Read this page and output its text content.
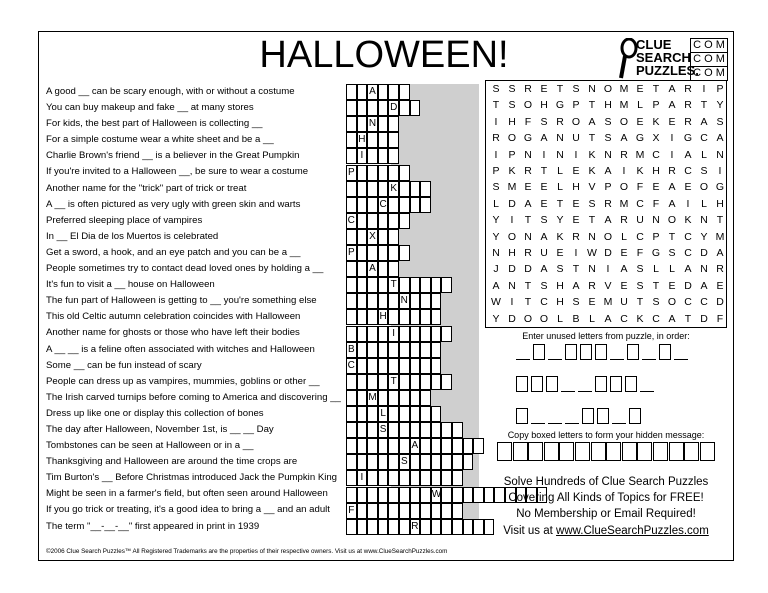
HALLOWEEN!	CLUE
SEARCH
PUZZLES.
C O M
C O M
C O M
A good __ can be scary enough, with or without a costume
You can buy makeup and fake __ at many stores
For kids, the best part of Halloween is collecting __
For a simple costume wear a white sheet and be a __
Charlie Brown's friend __ is a believer in the Great Pumpkin
If you're invited to a Halloween __, be sure to wear a costume
Another name for the "trick" part of trick or treat
A __ is often pictured as very ugly with green skin and warts
Preferred sleeping place of vampires
In __ El Dia de los Muertos is celebrated
Get a sword, a hook, and an eye patch and you can be a __
People sometimes try to contact dead loved ones by holding a __
It's fun to visit a __ house on Halloween
The fun part of Halloween is getting to __ you're something else
This old Celtic autumn celebration coincides with Halloween
Another name for ghosts or those who have left their bodies
A __ __ is a feline often associated with witches and Halloween
Some __ can be fun instead of scary
People can dress up as vampires, mummies, goblins or other __
The Irish carved turnips before coming to America and discovering __
Dress up like one or display this collection of bones
The day after Halloween, November 1st, is __ __ Day
Tombstones can be seen at Halloween or in a __
Thanksgiving and Halloween are around the time crops are
Tim Burton's __ Before Christmas introduced Jack the Pumpkin King
Might be seen in a farmer's field, but often seen around Halloween
If you go trick or treating, it's a good idea to bring a __ and an adult
The term "__-__-__" first appeared in print in 1939
A
D
N
H
I
P
K
C
C
X
P
A
T
N
H
I
B
C
T
M
L
S
A
S
I
W
F
R
S S R E T S N O M E T A R	I	P
T S O H G P T H M L P A R T Y
I	H F S R O A S O E K E R A S
R O G A N U T S A G X	I G C A
I	P N	I	N	I	K N R M C	I	A L N
P K R T L E K A	I	K H R C S	I
S M E E L H V P O F E A E O G
L D A E T E S R M C F A	I	L H
Y	I	T S Y E T A R U N O K N T
Y O N A K R N O L C P T C Y M
N H R U E	I W D E F G S C D A
J D D A S T N	I	A S L L A N R
A N T S H A R V E S T E D A E
W I	T C H S E M U T S O C C D
Y D O O L B L A C K C A T D F
Enter unused letters from puzzle, in order:
Copy boxed letters to form your hidden message:
Solve Hundreds of Clue Search Puzzles
Covering All Kinds of Topics for FREE!
No Membership or Email Required!
Visit us at www.ClueSearchPuzzles.com
©2006 Clue Search Puzzles™ All Registered Trademarks are the properties of their respective owners. Visit us at www.ClueSearchPuzzles.com
